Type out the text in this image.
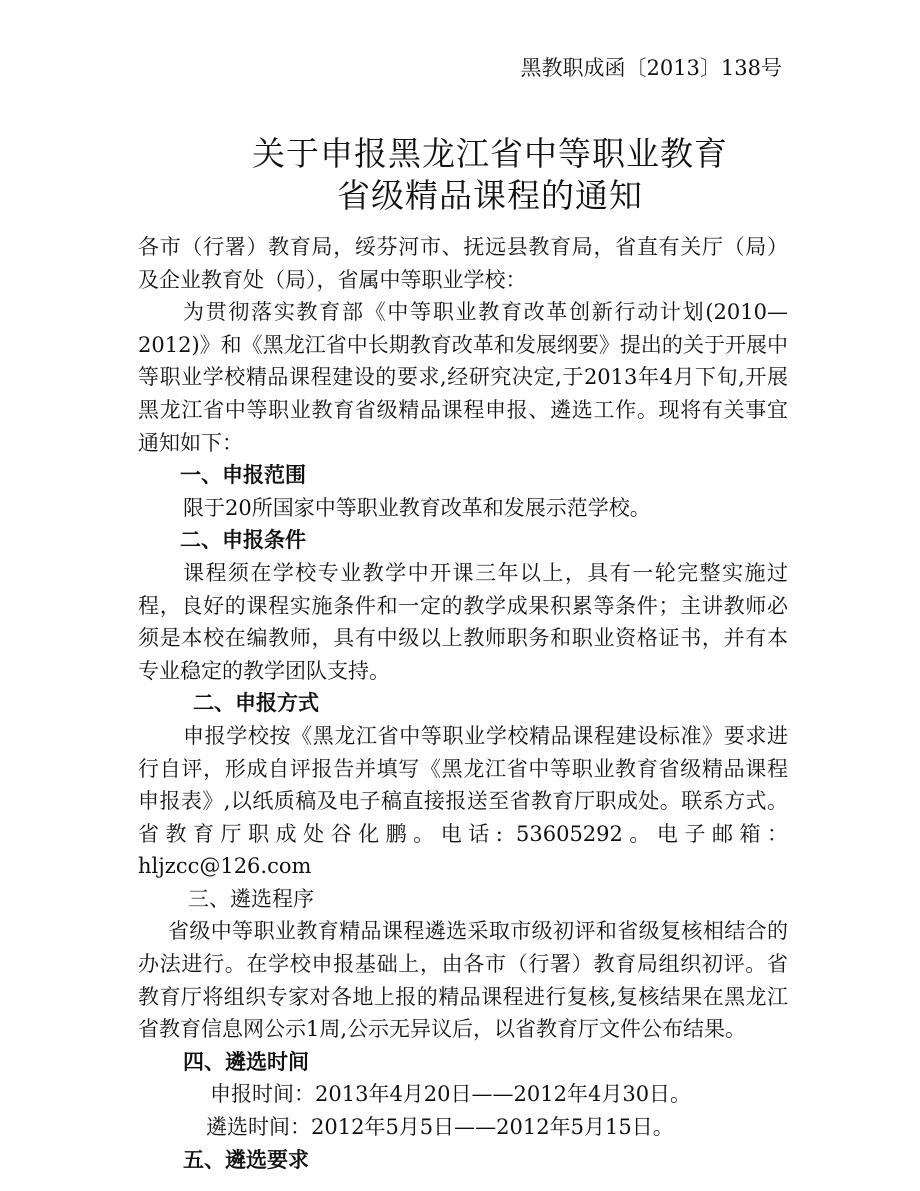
黑教职成函〔2013〕138号
关于申报黑龙江省中等职业教育
省级精品课程的通知

各市（行署）教育局，绥芬河市、抚远县教育局，省直有关厅（局）及企业教育处（局），省属中等职业学校：

为贯彻落实教育部《中等职业教育改革创新行动计划(2010—2012)》和《黑龙江省中长期教育改革和发展纲要》提出的关于开展中等职业学校精品课程建设的要求,经研究决定,于2013年4月下旬,开展黑龙江省中等职业教育省级精品课程申报、遴选工作。现将有关事宜通知如下：

一、申报范围

限于20所国家中等职业教育改革和发展示范学校。

二、申报条件

课程须在学校专业教学中开课三年以上，具有一轮完整实施过程，良好的课程实施条件和一定的教学成果积累等条件；主讲教师必须是本校在编教师，具有中级以上教师职务和职业资格证书，并有本专业稳定的教学团队支持。

二、申报方式

申报学校按《黑龙江省中等职业学校精品课程建设标准》要求进行自评，形成自评报告并填写《黑龙江省中等职业教育省级精品课程申报表》,以纸质稿及电子稿直接报送至省教育厅职成处。联系方式。省教育厅职成处谷化鹏。电话: 53605292。电子邮箱：hljzcc@126.com

三、遴选程序

省级中等职业教育精品课程遴选采取市级初评和省级复核相结合的办法进行。在学校申报基础上，由各市（行署）教育局组织初评。省教育厅将组织专家对各地上报的精品课程进行复核,复核结果在黑龙江省教育信息网公示1周,公示无异议后，以省教育厅文件公布结果。

四、遴选时间

申报时间：2013年4月20日——2012年4月30日。

遴选时间：2012年5月5日——2012年5月15日。

五、遴选要求
